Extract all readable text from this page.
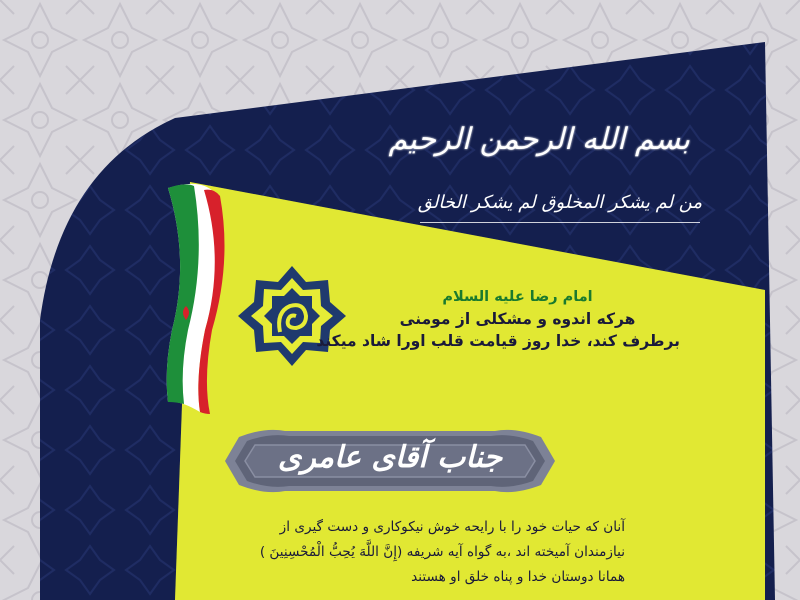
بسم الله الرحمن الرحیم
من لم یشکر المخلوق لم یشکر الخالق
امام رضا علیه السلام
هرکه اندوه و مشکلی از مومنی
برطرف کند، خدا روز قیامت قلب اورا شاد میکند
جناب آقای عامری
آنان که حیات خود را با رایحه خوش نیکوکاری و دست گیری از
نیازمندان آمیخته اند ،به گواه آیه شریفه (إِنَّ اللَّهَ یُحِبُّ الْمُحْسِنِینَ )
همانا دوستان خدا و پناه خلق او هستند
